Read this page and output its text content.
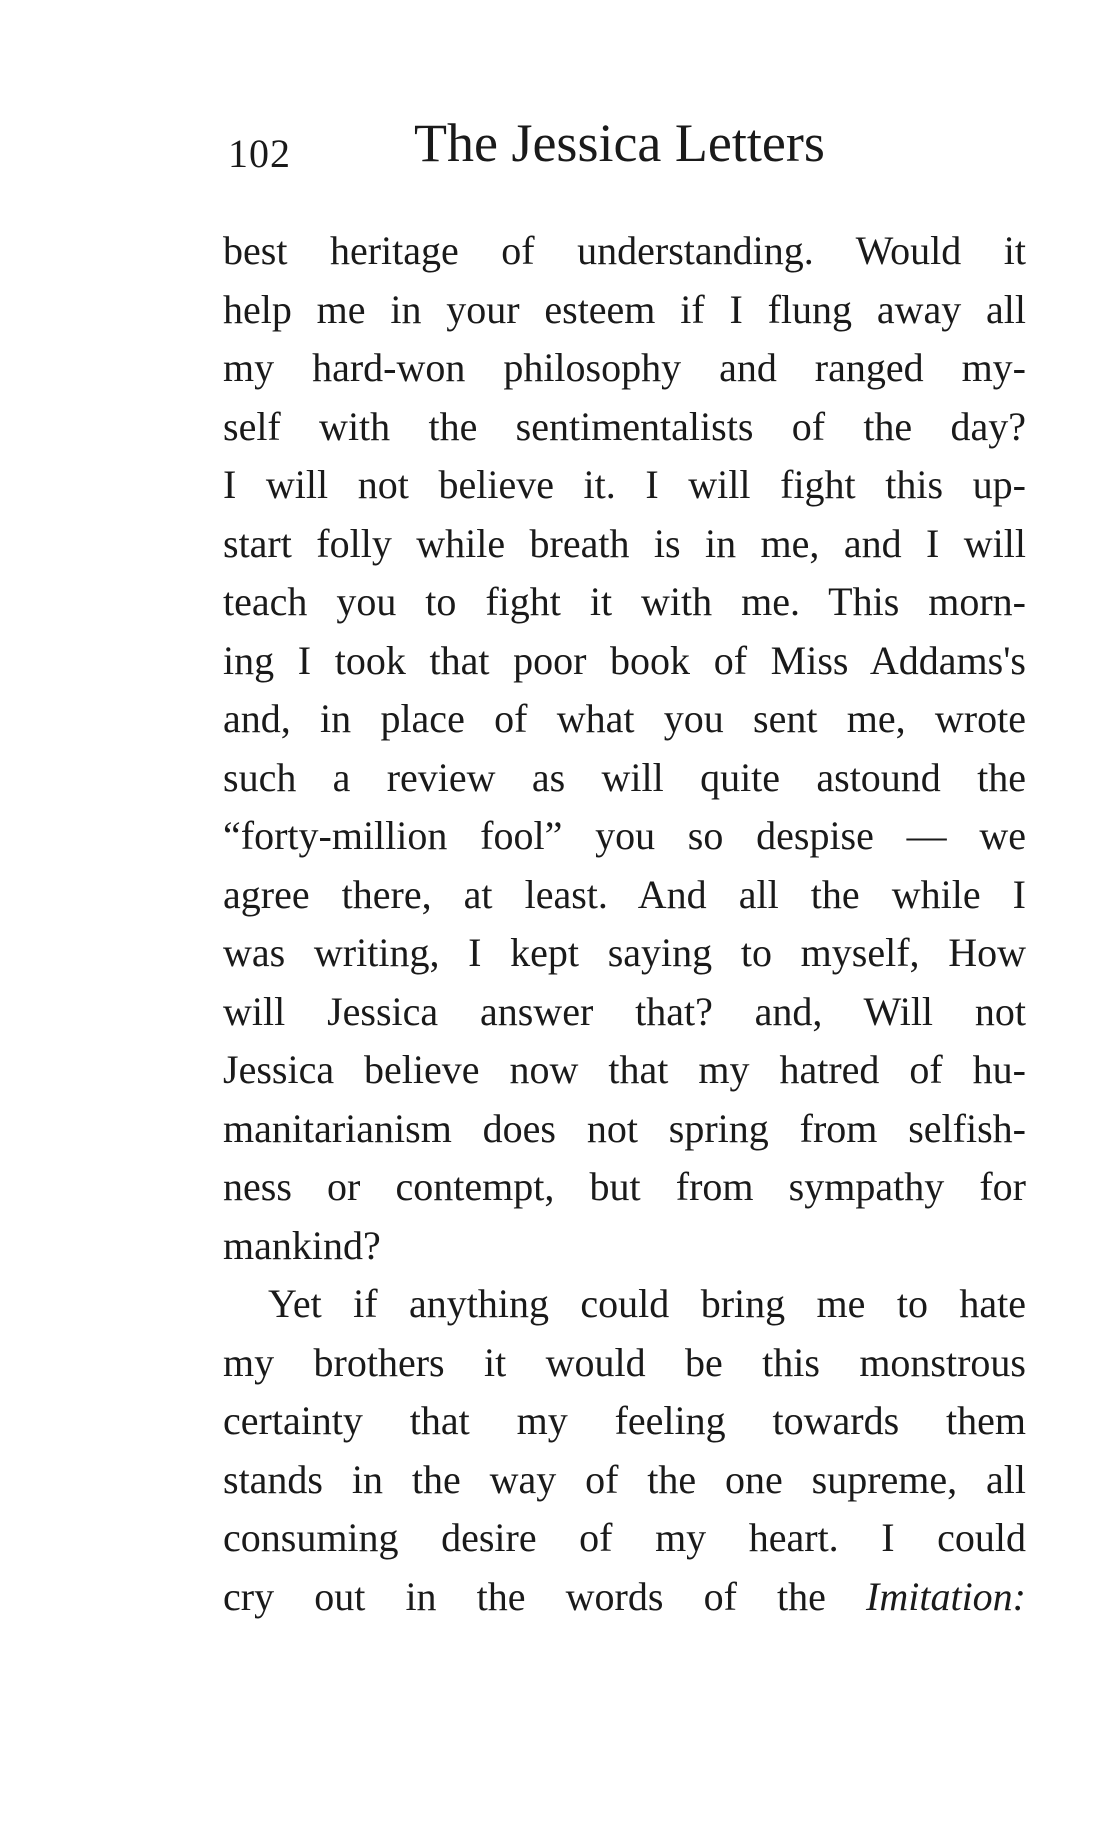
102 The Jessica Letters
best heritage of understanding. Would it
help me in your esteem if I flung away all
my hard-won philosophy and ranged my-
self with the sentimentalists of the day?
I will not believe it. I will fight this up-
start folly while breath is in me, and I will
teach you to fight it with me. This morn-
ing I took that poor book of Miss Addams's
and, in place of what you sent me, wrote
such a review as will quite astound the
“forty-million fool” you so despise — we
agree there, at least. And all the while I
was writing, I kept saying to myself, How
will Jessica answer that? and, Will not
Jessica believe now that my hatred of hu-
manitarianism does not spring from selfish-
ness or contempt, but from sympathy for
mankind?
Yet if anything could bring me to hate
my brothers it would be this monstrous
certainty that my feeling towards them
stands in the way of the one supreme, all
consuming desire of my heart. I could
cry out in the words of the Imitation:
